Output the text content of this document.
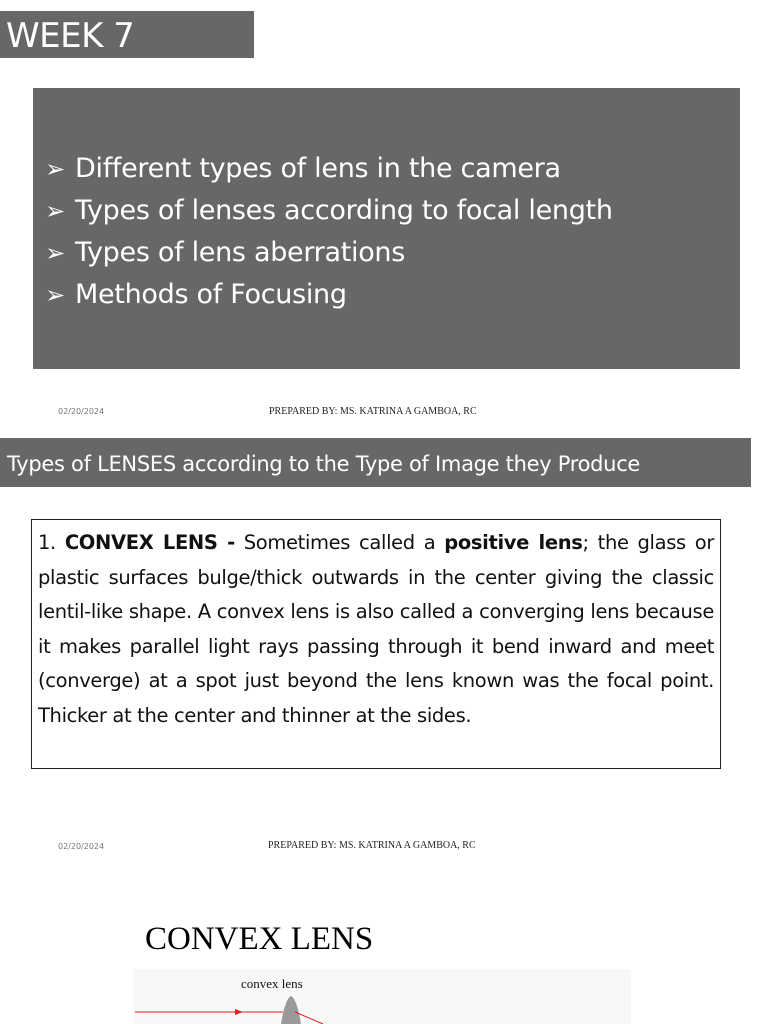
WEEK 7
➢ Different types of lens in the camera
➢ Types of lenses according to focal length
➢ Types of lens aberrations
➢ Methods of Focusing
02/20/2024	PREPARED BY: MS. KATRINA A GAMBOA, RC
Types of LENSES according to the Type of Image they Produce

1. CONVEX LENS - Sometimes called a positive lens; the glass or plastic surfaces bulge/thick outwards in the center giving the classic lentil-like shape. A convex lens is also called a converging lens because it makes parallel light rays passing through it bend inward and meet (converge) at a spot just beyond the lens known was the focal point. Thicker at the center and thinner at the sides.

02/20/2024	PREPARED BY: MS. KATRINA A GAMBOA, RC
CONVEX LENS
convex lens
